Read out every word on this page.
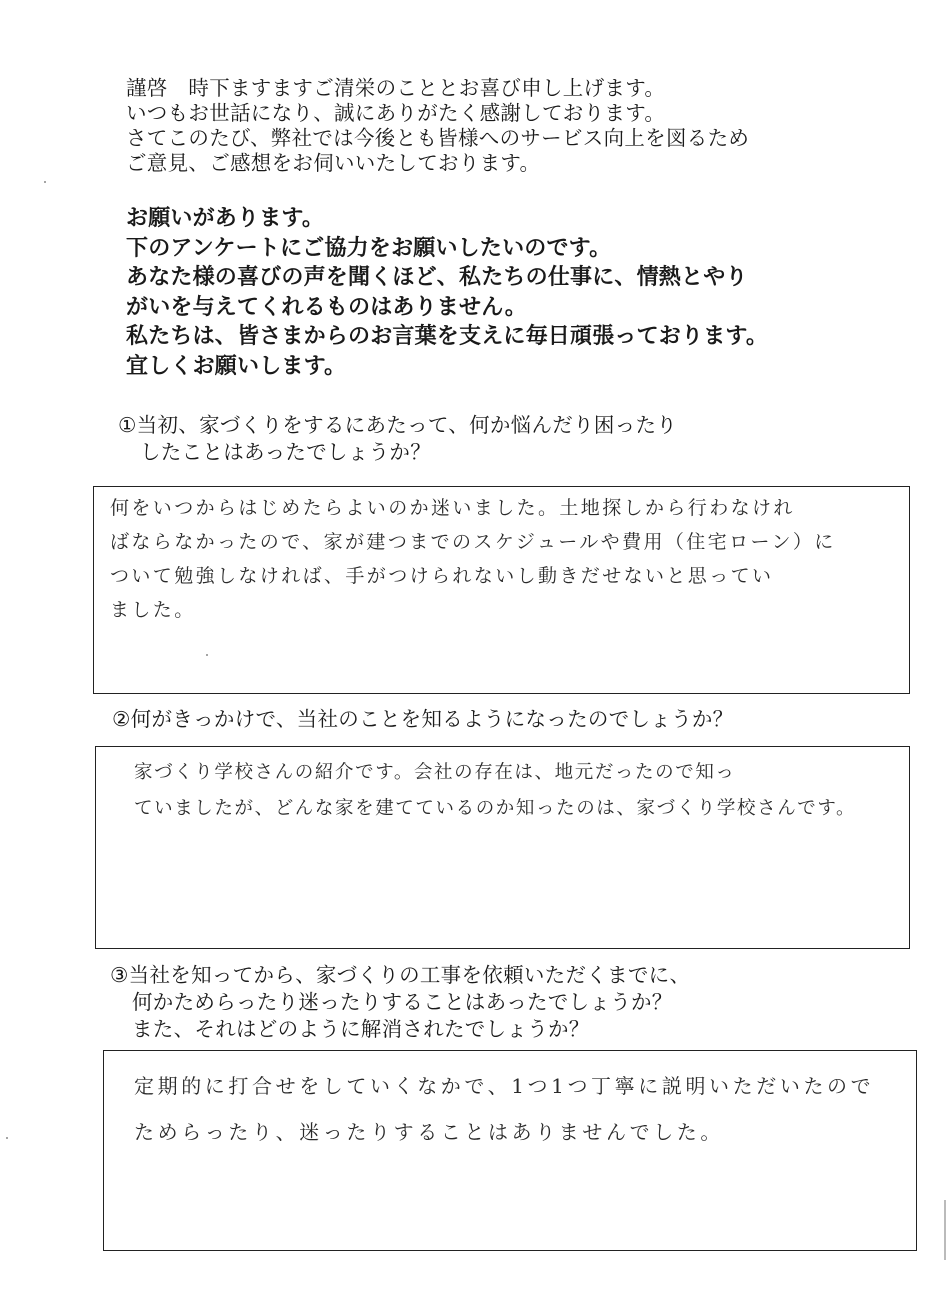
謹啓　時下ますますご清栄のこととお喜び申し上げます。
いつもお世話になり、誠にありがたく感謝しております。
さてこのたび、弊社では今後とも皆様へのサービス向上を図るため
ご意見、ご感想をお伺いいたしております。
お願いがあります。
下のアンケートにご協力をお願いしたいのです。
あなた様の喜びの声を聞くほど、私たちの仕事に、情熱とやり
がいを与えてくれるものはありません。
私たちは、皆さまからのお言葉を支えに毎日頑張っております。
宜しくお願いします。
①当初、家づくりをするにあたって、何か悩んだり困ったり
したことはあったでしょうか？
何をいつからはじめたらよいのか迷いました。土地探しから行わなけれ
ばならなかったので、家が建つまでのスケジュールや費用（住宅ローン）に
ついて勉強しなければ、手がつけられないし動きだせないと思ってい
ました。
②何がきっかけで、当社のことを知るようになったのでしょうか？
家づくり学校さんの紹介です。会社の存在は、地元だったので知っ
ていましたが、どんな家を建てているのか知ったのは、家づくり学校さんです。
③当社を知ってから、家づくりの工事を依頼いただくまでに、
何かためらったり迷ったりすることはあったでしょうか？
また、それはどのように解消されたでしょうか？
定期的に打合せをしていくなかで、1つ1つ丁寧に説明いただいたので
ためらったり、迷ったりすることはありませんでした。
